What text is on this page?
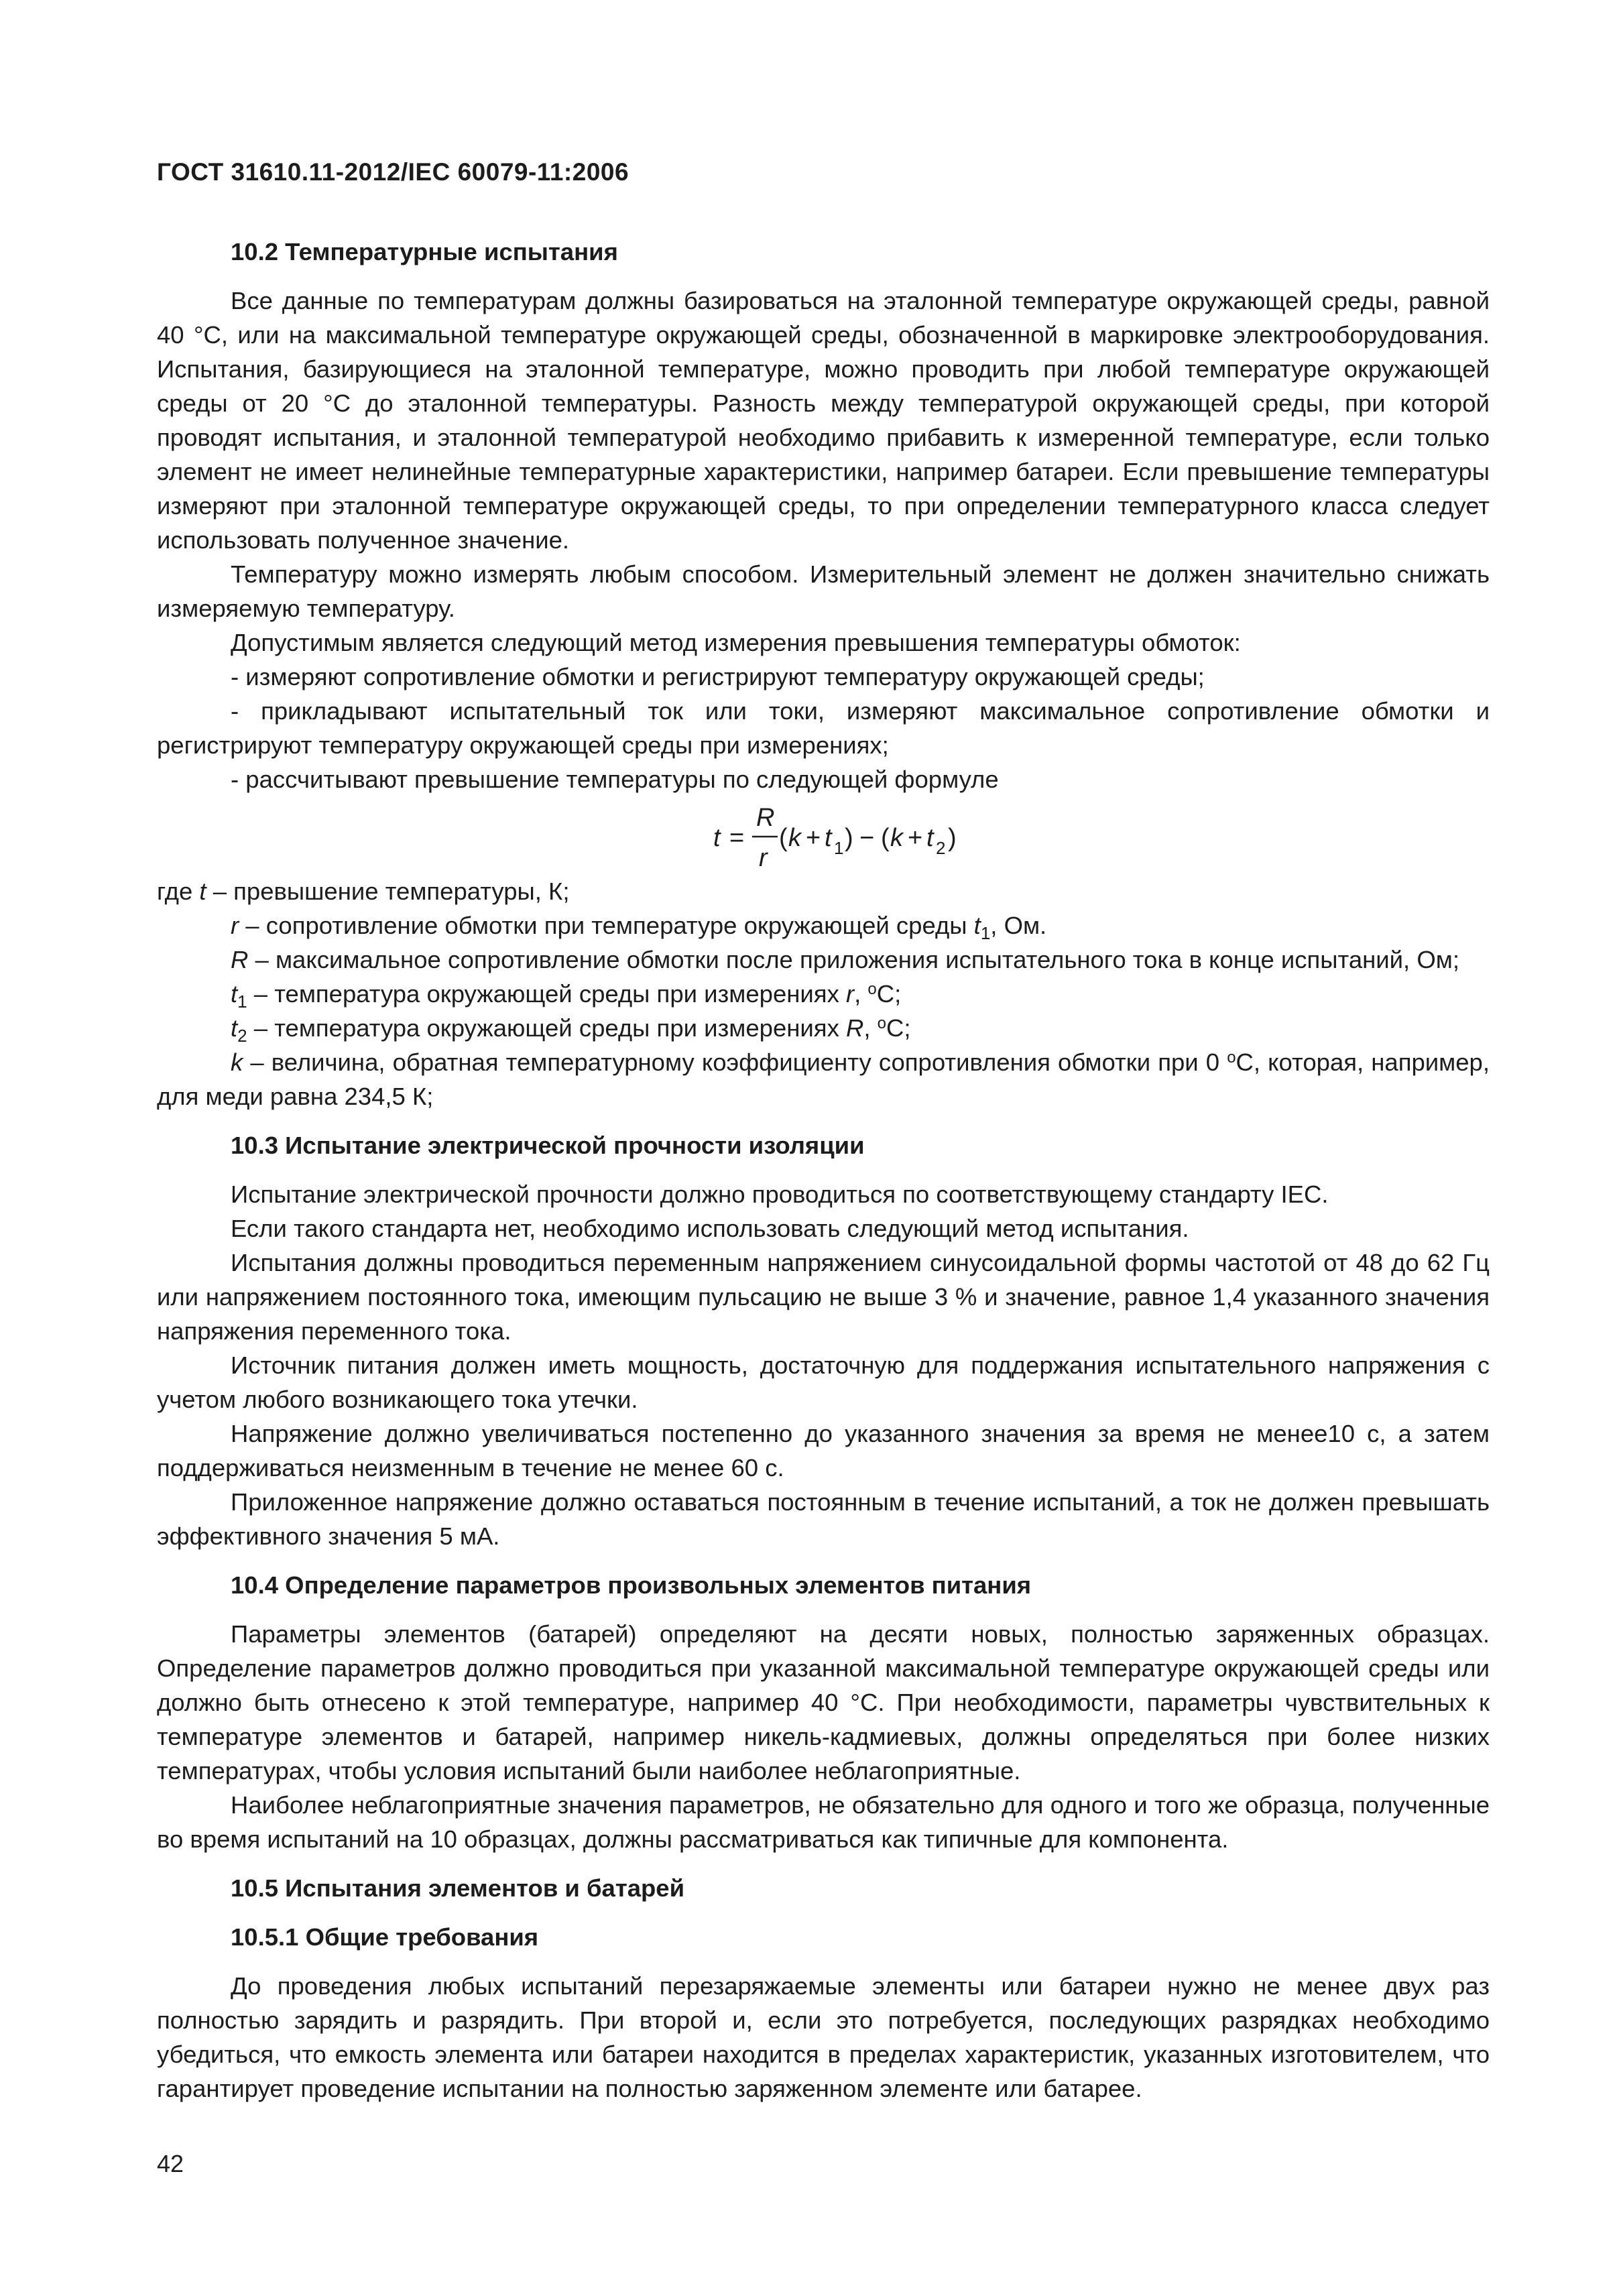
ГОСТ 31610.11-2012/IEC 60079-11:2006

10.2 Температурные испытания

Все данные по температурам должны базироваться на эталонной температуре окружающей среды, равной 40 °С, или на максимальной температуре окружающей среды, обозначенной в маркировке электрооборудования. Испытания, базирующиеся на эталонной температуре, можно проводить при любой температуре окружающей среды от 20 °С до эталонной температуры. Разность между температурой окружающей среды, при которой проводят испытания, и эталонной температурой необходимо прибавить к измеренной температуре, если только элемент не имеет нелинейные температурные характеристики, например батареи. Если превышение температуры измеряют при эталонной температуре окружающей среды, то при определении температурного класса следует использовать полученное значение.

Температуру можно измерять любым способом. Измерительный элемент не должен значительно снижать измеряемую температуру.

Допустимым является следующий метод измерения превышения температуры обмоток:

- измеряют сопротивление обмотки и регистрируют температуру окружающей среды;

- прикладывают испытательный ток или токи, измеряют максимальное сопротивление обмотки и регистрируют температуру окружающей среды при измерениях;

- рассчитывают превышение температуры по следующей формуле

t =
R
r
( k + t 1 ) − ( k + t 2 )

где t – превышение температуры, К;

r – сопротивление обмотки при температуре окружающей среды $t_1$, Ом.

R – максимальное сопротивление обмотки после приложения испытательного тока в конце испытаний, Ом;

$t_1$ – температура окружающей среды при измерениях r, $^о$С;

$t_2$ – температура окружающей среды при измерениях R, $^о$С;

k – величина, обратная температурному коэффициенту сопротивления обмотки при 0 $^о$С, которая, например, для меди равна 234,5 К;

10.3 Испытание электрической прочности изоляции

Испытание электрической прочности должно проводиться по соответствующему стандарту IEC.

Если такого стандарта нет, необходимо использовать следующий метод испытания.

Испытания должны проводиться переменным напряжением синусоидальной формы частотой от 48 до 62 Гц или напряжением постоянного тока, имеющим пульсацию не выше 3 % и значение, равное 1,4 указанного значения напряжения переменного тока.

Источник питания должен иметь мощность, достаточную для поддержания испытательного напряжения с учетом любого возникающего тока утечки.

Напряжение должно увеличиваться постепенно до указанного значения за время не менее10 с, а затем поддерживаться неизменным в течение не менее 60 с.

Приложенное напряжение должно оставаться постоянным в течение испытаний, а ток не должен превышать эффективного значения 5 мА.

10.4 Определение параметров произвольных элементов питания

Параметры элементов (батарей) определяют на десяти новых, полностью заряженных образцах. Определение параметров должно проводиться при указанной максимальной температуре окружающей среды или должно быть отнесено к этой температуре, например 40 °С. При необходимости, параметры чувствительных к температуре элементов и батарей, например никель-кадмиевых, должны определяться при более низких температурах, чтобы условия испытаний были наиболее неблагоприятные.

Наиболее неблагоприятные значения параметров, не обязательно для одного и того же образца, полученные во время испытаний на 10 образцах, должны рассматриваться как типичные для компонента.

10.5 Испытания элементов и батарей

10.5.1 Общие требования

До проведения любых испытаний перезаряжаемые элементы или батареи нужно не менее двух раз полностью зарядить и разрядить. При второй и, если это потребуется, последующих разрядках необходимо убедиться, что емкость элемента или батареи находится в пределах характеристик, указанных изготовителем, что гарантирует проведение испытании на полностью заряженном элементе или батарее.

42
